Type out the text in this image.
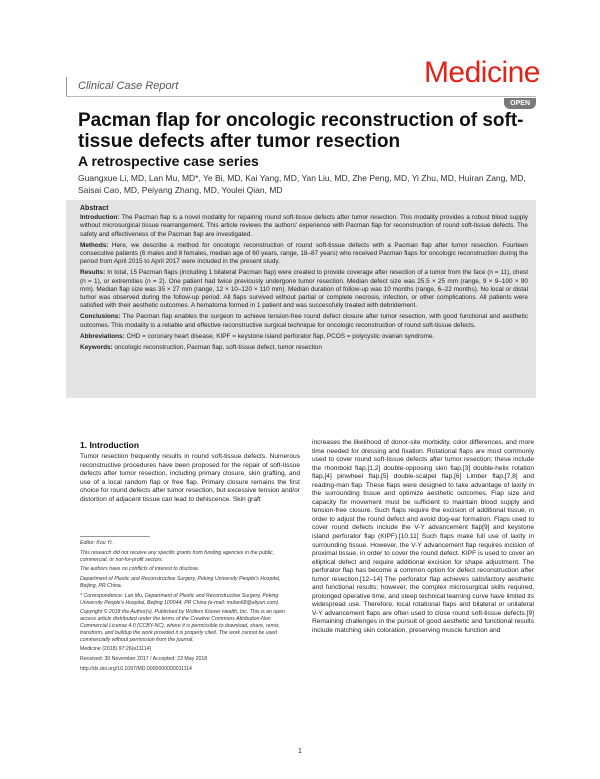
Clinical Case Report	Medicine
OPEN
Pacman flap for oncologic reconstruction of soft-tissue defects after tumor resection
A retrospective case series
Guangxue Li, MD, Lan Mu, MD*, Ye Bi, MD, Kai Yang, MD, Yan Liu, MD, Zhe Peng, MD, Yi Zhu, MD, Huiran Zang, MD, Saisai Cao, MD, Peiyang Zhang, MD, Youlei Qian, MD

Abstract

Introduction: The Pacman flap is a novel modality for repairing round soft-tissue defects after tumor resection. This modality provides a robust blood supply without microsurgical tissue rearrangement. This article reviews the authors' experience with Pacman flap for reconstruction of round soft-tissue defects. The safety and effectiveness of the Pacman flap are investigated.

Methods: Here, we describe a method for oncologic reconstruction of round soft-tissue defects with a Pacman flap after tumor resection. Fourteen consecutive patients (6 males and 8 females, median age of 60 years, range, 18–87 years) who received Pacman flaps for oncologic reconstruction during the period from April 2015 to April 2017 were included in the present study.

Results: In total, 15 Pacman flaps (including 1 bilateral Pacman flap) were created to provide coverage after resection of a tumor from the face (n = 11), chest (n = 1), or extremities (n = 2). One patient had twice previously undergone tumor resection. Median defect size was 25.5 × 25 mm (range, 9 × 9–100 × 90 mm). Median flap size was 35 × 27 mm (range, 12 × 10–120 × 110 mm). Median duration of follow-up was 10 months (range, 6–22 months). No local or distal tumor was observed during the follow-up period. All flaps survived without partial or complete necrosis, infection, or other complications. All patients were satisfied with their aesthetic outcomes. A hematoma formed in 1 patient and was successfully treated with debridement.

Conclusions: The Pacman flap enables the surgeon to achieve tension-free round defect closure after tumor resection, with good functional and aesthetic outcomes. This modality is a reliable and effective reconstructive surgical technique for oncologic reconstruction of round soft-tissue defects.

Abbreviations: CHD = coronary heart disease, KIPF = keystone island perforator flap, PCOS = polycystic ovarian syndrome.

Keywords: oncologic reconstruction, Pacman flap, soft-tissue defect, tumor resection

1. Introduction
Tumor resection frequently results in round soft-tissue defects. Numerous reconstructive procedures have been proposed for the repair of soft-tissue defects after tumor resection, including primary closure, skin grafting, and use of a local random flap or free flap. Primary closure remains the first choice for round defects after tumor resection, but excessive tension and/or distortion of adjacent tissue can lead to dehiscence. Skin graft
increases the likelihood of donor-site morbidity, color differences, and more time needed for dressing and fixation. Rotational flaps are most commonly used to cover round soft-tissue defects after tumor resection; these include the rhomboid flap,[1,2] double-opposing skin flap,[3] double-helix rotation flap,[4] pinwheel flap,[5] double-scalpel flap,[6] Limber flap,[7,8] and reading-man flap. These flaps were designed to take advantage of laxity in the surrounding tissue and optimize aesthetic outcomes. Flap size and capacity for movement must be sufficient to maintain blood supply and tension-free closure. Such flaps require the excision of additional tissue, in order to adjust the round defect and avoid dog-ear formation. Flaps used to cover round defects include the V-Y advancement flap[9] and keystone island perforator flap (KIPF).[10,11] Such flaps make full use of laxity in surrounding tissue. However, the V-Y advancement flap requires incision of proximal tissue, in order to cover the round defect. KIPF is used to cover an elliptical defect and require additional excision for shape adjustment. The perforator flap has become a common option for defect reconstruction after tumor resection.[12–14] The perforator flap achieves satisfactory aesthetic and functional results; however, the complex microsurgical skills required, prolonged operative time, and steep technical learning curve have limited its widespread use. Therefore, local rotational flaps and bilateral or unilateral V-Y advancement flaps are often used to close round soft-tissue defects.[9] Remaining challenges in the pursuit of good aesthetic and functional results include matching skin coloration, preserving muscle function and

Editor: Kou Yi.

This research did not receive any specific grants from funding agencies in the public, commercial, or not-for-profit sectors.

The authors have no conflicts of interest to disclose.

Department of Plastic and Reconstructive Surgery, Peking University People's Hospital, Beijing, PR China.

* Correspondence: Lan Mu, Department of Plastic and Reconstructive Surgery, Peking University People's Hospital, Beijing 100044, PR China (e-mail: mulan68@aliyun.com).

Copyright © 2018 the Author(s). Published by Wolters Kluwer Health, Inc. This is an open access article distributed under the terms of the Creative Commons Attribution-Non Commercial License 4.0 (CCBY-NC), where it is permissible to download, share, remix, transform, and buildup the work provided it is properly cited. The work cannot be used commercially without permission from the journal.

Medicine (2018) 97:26(e11114)

Received: 30 November 2017 / Accepted: 23 May 2018

http://dx.doi.org/10.1097/MD.0000000000011114

1
